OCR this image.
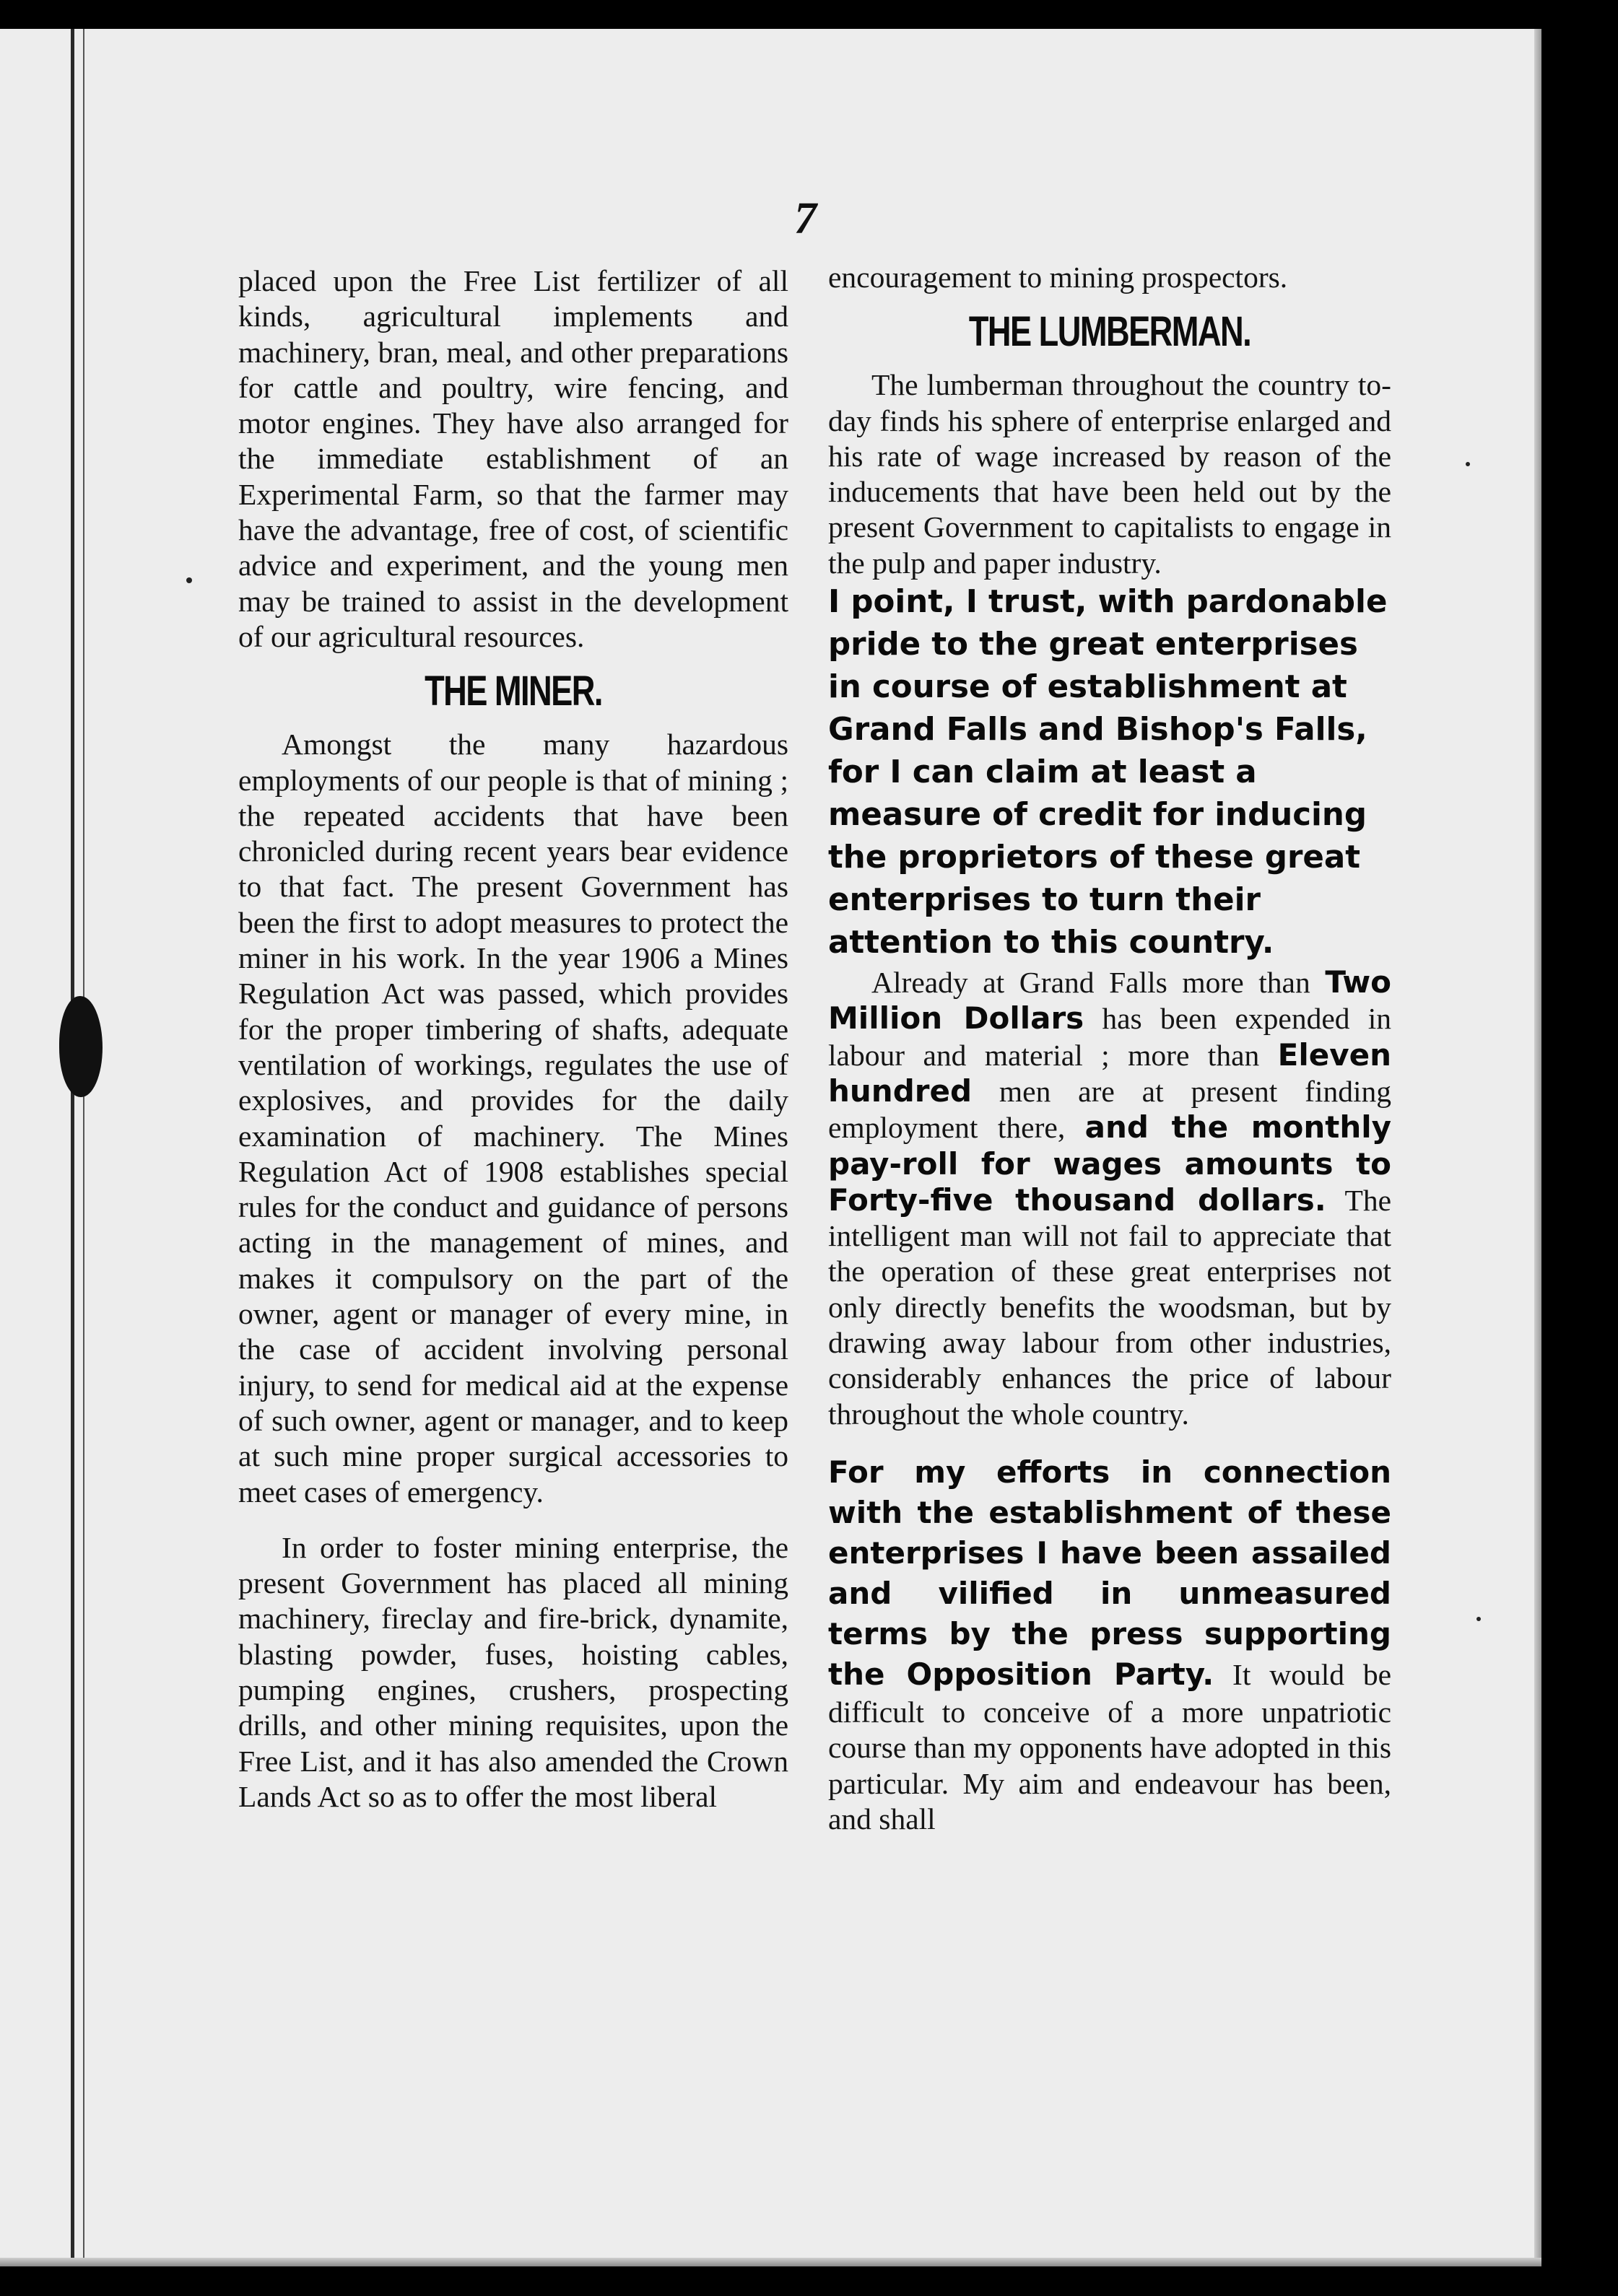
7

placed upon the Free List fertilizer of all kinds, agricultural implements and machinery, bran, meal, and other preparations for cattle and poultry, wire fencing, and motor engines. They have also arranged for the immediate establishment of an Experimental Farm, so that the farmer may have the advantage, free of cost, of scientific advice and experiment, and the young men may be trained to assist in the development of our agricultural resources.

THE MINER.

Amongst the many hazardous employments of our people is that of mining ; the repeated accidents that have been chronicled during recent years bear evidence to that fact. The present Government has been the first to adopt measures to protect the miner in his work. In the year 1906 a Mines Regulation Act was passed, which provides for the proper timbering of shafts, adequate ventilation of workings, regulates the use of explosives, and provides for the daily examination of machinery. The Mines Regulation Act of 1908 establishes special rules for the conduct and guidance of persons acting in the management of mines, and makes it compulsory on the part of the owner, agent or manager of every mine, in the case of accident involving personal injury, to send for medical aid at the expense of such owner, agent or manager, and to keep at such mine proper surgical accessories to meet cases of emergency.

In order to foster mining enterprise, the present Government has placed all mining machinery, fireclay and fire-brick, dynamite, blasting powder, fuses, hoisting cables, pumping engines, crushers, prospecting drills, and other mining requisites, upon the Free List, and it has also amended the Crown Lands Act so as to offer the most liberal

encouragement to mining prospectors.

THE LUMBERMAN.

The lumberman throughout the country to-day finds his sphere of enterprise enlarged and his rate of wage increased by reason of the inducements that have been held out by the present Government to capitalists to engage in the pulp and paper industry.

I point, I trust, with pardonable pride to the great enterprises in course of establishment at Grand Falls and Bishop's Falls, for I can claim at least a measure of credit for inducing the proprietors of these great enterprises to turn their attention to this country.

Already at Grand Falls more than Two Million Dollars has been expended in labour and material ; more than Eleven hundred men are at present finding employment there, and the monthly pay-roll for wages amounts to Forty-five thousand dollars. The intelligent man will not fail to appreciate that the operation of these great enterprises not only directly benefits the woodsman, but by drawing away labour from other industries, considerably enhances the price of labour throughout the whole country.

For my efforts in connection with the establishment of these enterprises I have been assailed and vilified in unmeasured terms by the press supporting the Opposition Party. It would be difficult to conceive of a more unpatriotic course than my opponents have adopted in this particular. My aim and endeavour has been, and shall
